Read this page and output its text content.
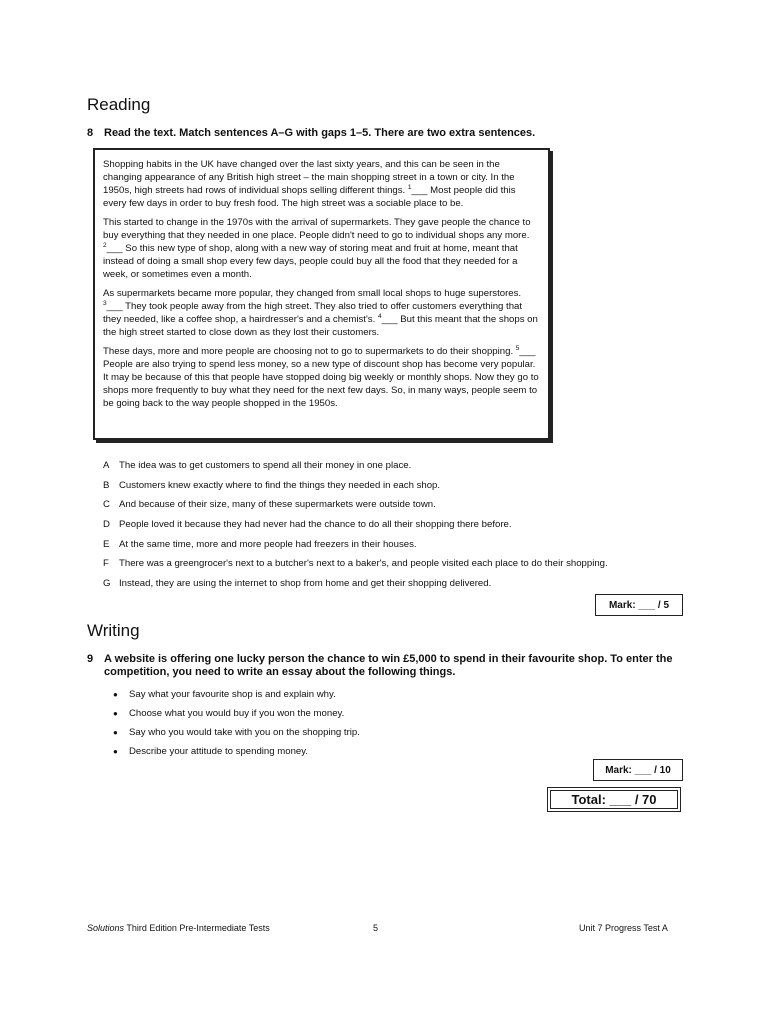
Reading
8 Read the text. Match sentences A–G with gaps 1–5. There are two extra sentences.

Shopping habits in the UK have changed over the last sixty years, and this can be seen in the changing appearance of any British high street – the main shopping street in a town or city. In the 1950s, high streets had rows of individual shops selling different things. $^1$___ Most people did this every few days in order to buy fresh food. The high street was a sociable place to be.

This started to change in the 1970s with the arrival of supermarkets. They gave people the chance to buy everything that they needed in one place. People didn't need to go to individual shops any more. $^2$___ So this new type of shop, along with a new way of storing meat and fruit at home, meant that instead of doing a small shop every few days, people could buy all the food that they needed for a week, or sometimes even a month.

As supermarkets became more popular, they changed from small local shops to huge superstores. $^3$___ They took people away from the high street. They also tried to offer customers everything that they needed, like a coffee shop, a hairdresser's and a chemist's. $^4$___ But this meant that the shops on the high street started to close down as they lost their customers.

These days, more and more people are choosing not to go to supermarkets to do their shopping. $^5$___ People are also trying to spend less money, so a new type of discount shop has become very popular. It may be because of this that people have stopped doing big weekly or monthly shops. Now they go to shops more frequently to buy what they need for the next few days. So, in many ways, people seem to be going back to the way people shopped in the 1950s.

A The idea was to get customers to spend all their money in one place.
B Customers knew exactly where to find the things they needed in each shop.
C And because of their size, many of these supermarkets were outside town.
D People loved it because they had never had the chance to do all their shopping there before.
E At the same time, more and more people had freezers in their houses.
F	There was a greengrocer's next to a butcher's next to a baker's, and people visited each place to do their shopping.
G Instead, they are using the internet to shop from home and get their shopping delivered.
Mark: ___ / 5
Writing
9 A website is offering one lucky person the chance to win £5,000 to spend in their favourite shop. To enter the competition, you need to write an essay about the following things.
●	Say what your favourite shop is and explain why.
●	Choose what you would buy if you won the money.
●	Say who you would take with you on the shopping trip.
●	Describe your attitude to spending money.
Mark: ___ / 10
Total: ___ / 70
Solutions Third Edition Pre-Intermediate Tests	5	Unit 7 Progress Test A
